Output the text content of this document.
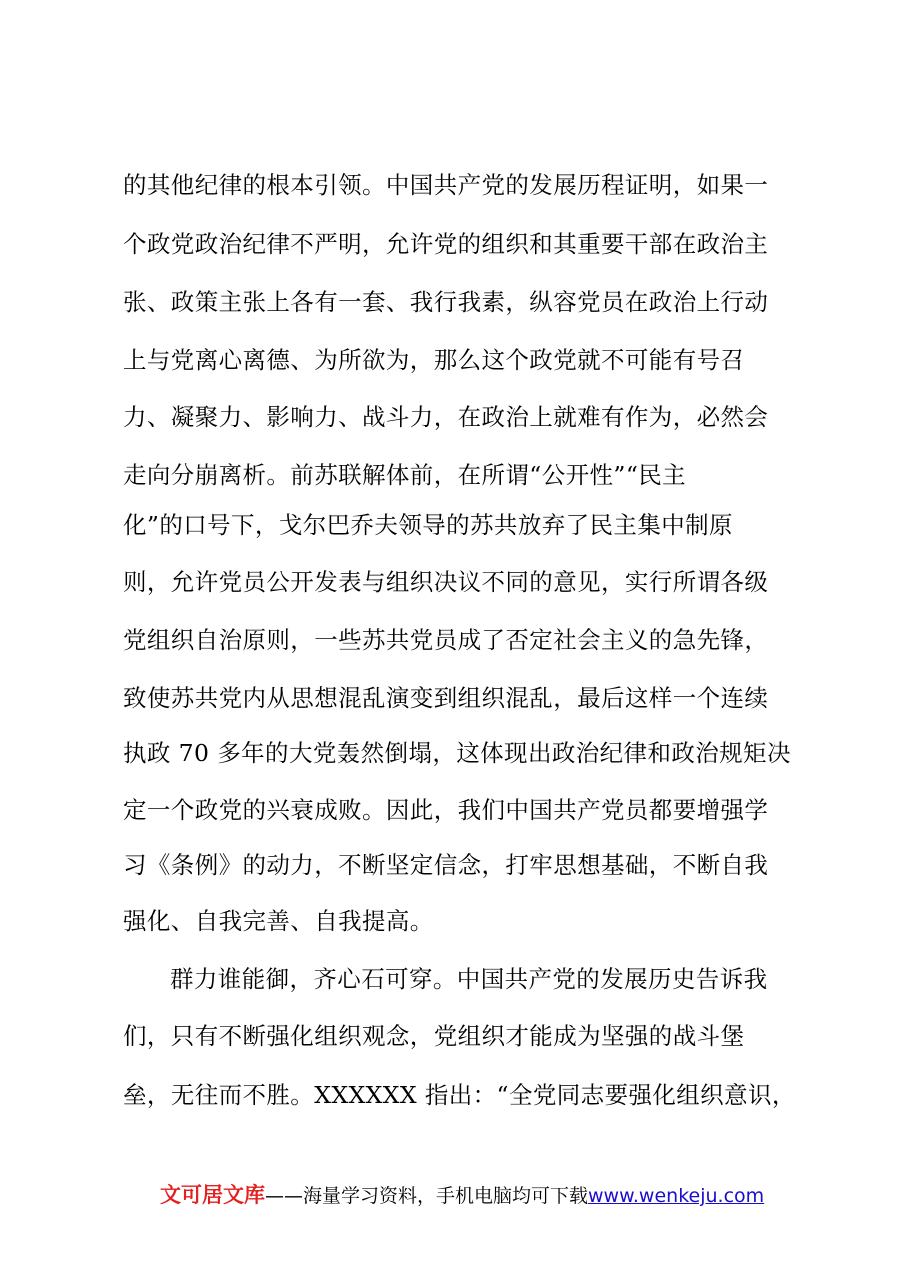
的其他纪律的根本引领。中国共产党的发展历程证明，如果一
个政党政治纪律不严明，允许党的组织和其重要干部在政治主
张、政策主张上各有一套、我行我素，纵容党员在政治上行动
上与党离心离德、为所欲为，那么这个政党就不可能有号召
力、凝聚力、影响力、战斗力，在政治上就难有作为，必然会
走向分崩离析。前苏联解体前，在所谓“公开性”“民主
化”的口号下，戈尔巴乔夫领导的苏共放弃了民主集中制原
则，允许党员公开发表与组织决议不同的意见，实行所谓各级
党组织自治原则，一些苏共党员成了否定社会主义的急先锋，
致使苏共党内从思想混乱演变到组织混乱，最后这样一个连续
执政 70 多年的大党轰然倒塌，这体现出政治纪律和政治规矩决
定一个政党的兴衰成败。因此，我们中国共产党员都要增强学
习《条例》的动力，不断坚定信念，打牢思想基础，不断自我
强化、自我完善、自我提高。
群力谁能御，齐心石可穿。中国共产党的发展历史告诉我
们，只有不断强化组织观念，党组织才能成为坚强的战斗堡
垒，无往而不胜。XXXXXX 指出：“全党同志要强化组织意识，
文可居文库——海量学习资料，手机电脑均可下载www.wenkeju.com
